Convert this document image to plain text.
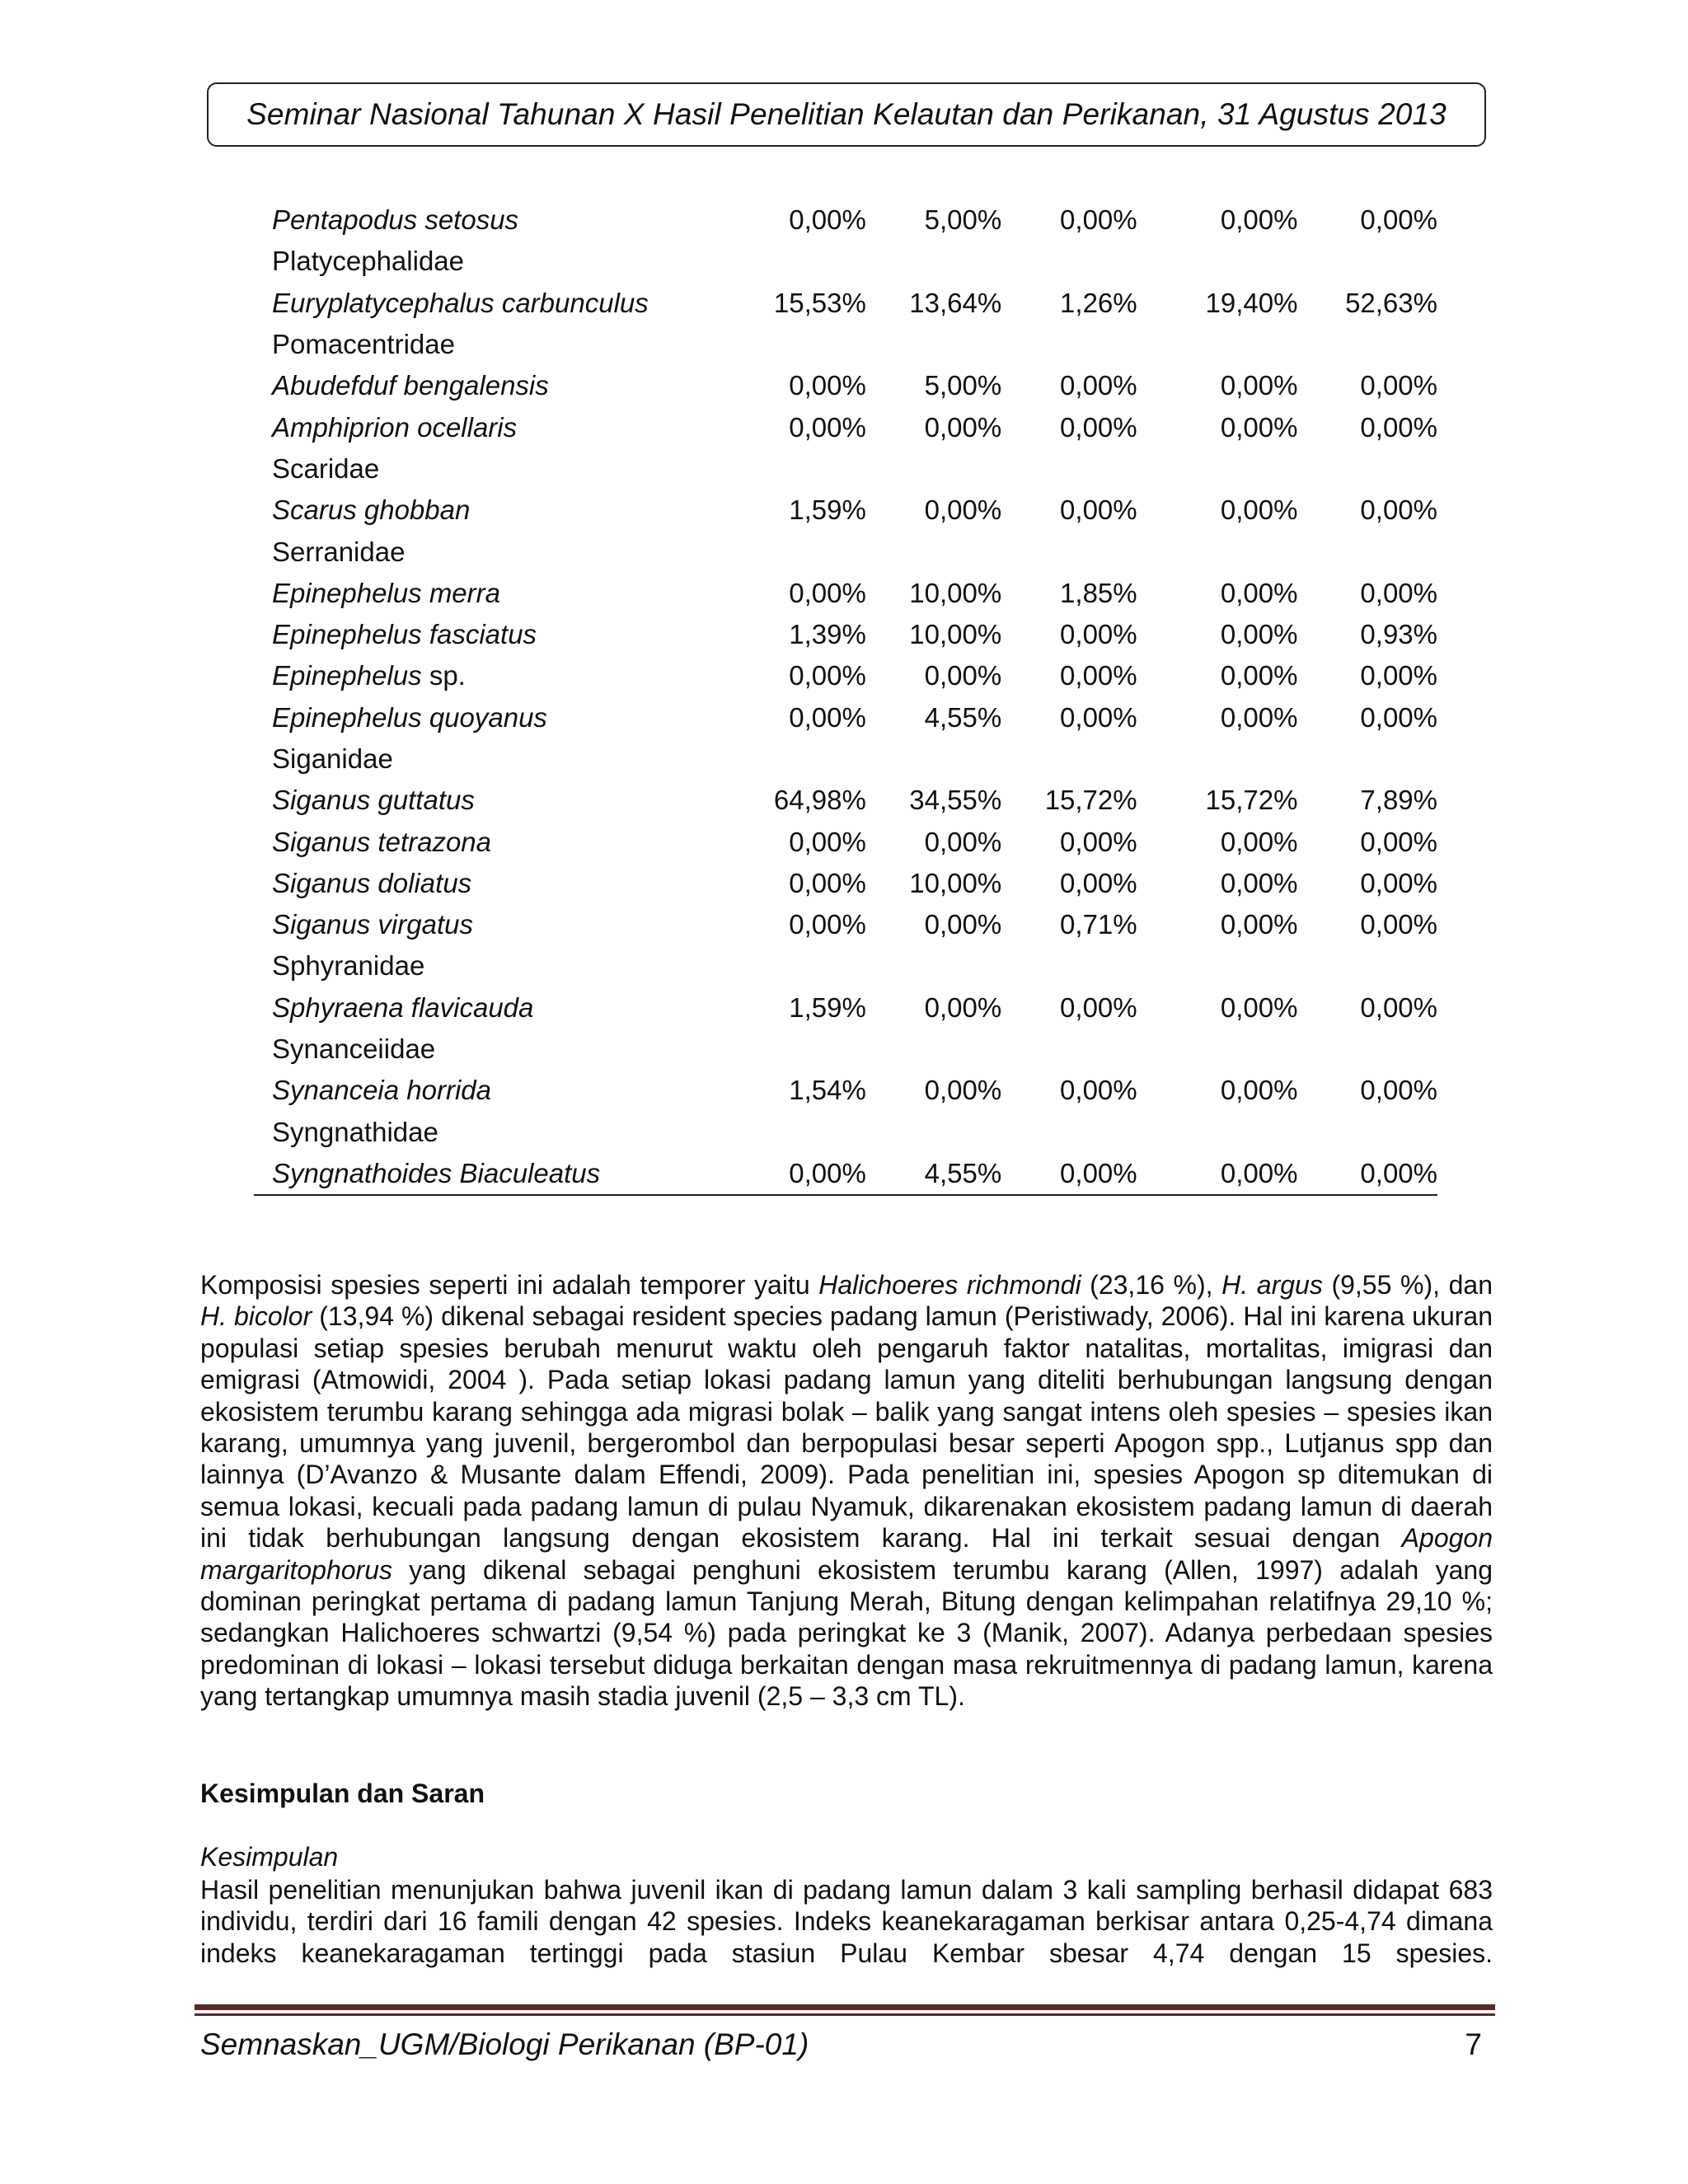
Seminar Nasional Tahunan X Hasil Penelitian Kelautan dan Perikanan, 31 Agustus 2013
Pentapodus setosus	0,00%	5,00%	0,00%	0,00%	0,00%
Platycephalidae					
Euryplatycephalus carbunculus	15,53%	13,64%	1,26%	19,40%	52,63%
Pomacentridae					
Abudefduf bengalensis	0,00%	5,00%	0,00%	0,00%	0,00%
Amphiprion ocellaris	0,00%	0,00%	0,00%	0,00%	0,00%
Scaridae					
Scarus ghobban	1,59%	0,00%	0,00%	0,00%	0,00%
Serranidae					
Epinephelus merra	0,00%	10,00%	1,85%	0,00%	0,00%
Epinephelus fasciatus	1,39%	10,00%	0,00%	0,00%	0,93%
Epinephelus sp.	0,00%	0,00%	0,00%	0,00%	0,00%
Epinephelus quoyanus	0,00%	4,55%	0,00%	0,00%	0,00%
Siganidae					
Siganus guttatus	64,98%	34,55%	15,72%	15,72%	7,89%
Siganus tetrazona	0,00%	0,00%	0,00%	0,00%	0,00%
Siganus doliatus	0,00%	10,00%	0,00%	0,00%	0,00%
Siganus virgatus	0,00%	0,00%	0,71%	0,00%	0,00%
Sphyranidae					
Sphyraena flavicauda	1,59%	0,00%	0,00%	0,00%	0,00%
Synanceiidae					
Synanceia horrida	1,54%	0,00%	0,00%	0,00%	0,00%
Syngnathidae					
Syngnathoides Biaculeatus	0,00%	4,55%	0,00%	0,00%	0,00%
Komposisi spesies seperti ini adalah temporer yaitu Halichoeres richmondi (23,16 %), H. argus (9,55 %), dan H. bicolor (13,94 %) dikenal sebagai resident species padang lamun (Peristiwady, 2006). Hal ini karena ukuran populasi setiap spesies berubah menurut waktu oleh pengaruh faktor natalitas, mortalitas, imigrasi dan emigrasi (Atmowidi, 2004 ). Pada setiap lokasi padang lamun yang diteliti berhubungan langsung dengan ekosistem terumbu karang sehingga ada migrasi bolak – balik yang sangat intens oleh spesies – spesies ikan karang, umumnya yang juvenil, bergerombol dan berpopulasi besar seperti Apogon spp., Lutjanus spp dan lainnya (D’Avanzo & Musante dalam Effendi, 2009). Pada penelitian ini, spesies Apogon sp ditemukan di semua lokasi, kecuali pada padang lamun di pulau Nyamuk, dikarenakan ekosistem padang lamun di daerah ini tidak berhubungan langsung dengan ekosistem karang. Hal ini terkait sesuai dengan Apogon margaritophorus yang dikenal sebagai penghuni ekosistem terumbu karang (Allen, 1997) adalah yang dominan peringkat pertama di padang lamun Tanjung Merah, Bitung dengan kelimpahan relatifnya 29,10 %; sedangkan Halichoeres schwartzi (9,54 %) pada peringkat ke 3 (Manik, 2007). Adanya perbedaan spesies predominan di lokasi – lokasi tersebut diduga berkaitan dengan masa rekruitmennya di padang lamun, karena yang tertangkap umumnya masih stadia juvenil (2,5 – 3,3 cm TL).
Kesimpulan dan Saran
Kesimpulan
Hasil penelitian menunjukan bahwa juvenil ikan di padang lamun dalam 3 kali sampling berhasil didapat 683 individu, terdiri dari 16 famili dengan 42 spesies. Indeks keanekaragaman berkisar antara 0,25-4,74 dimana indeks keanekaragaman tertinggi pada stasiun Pulau Kembar sbesar 4,74 dengan 15 spesies.
Semnaskan_UGM/Biologi Perikanan (BP-01)	7
